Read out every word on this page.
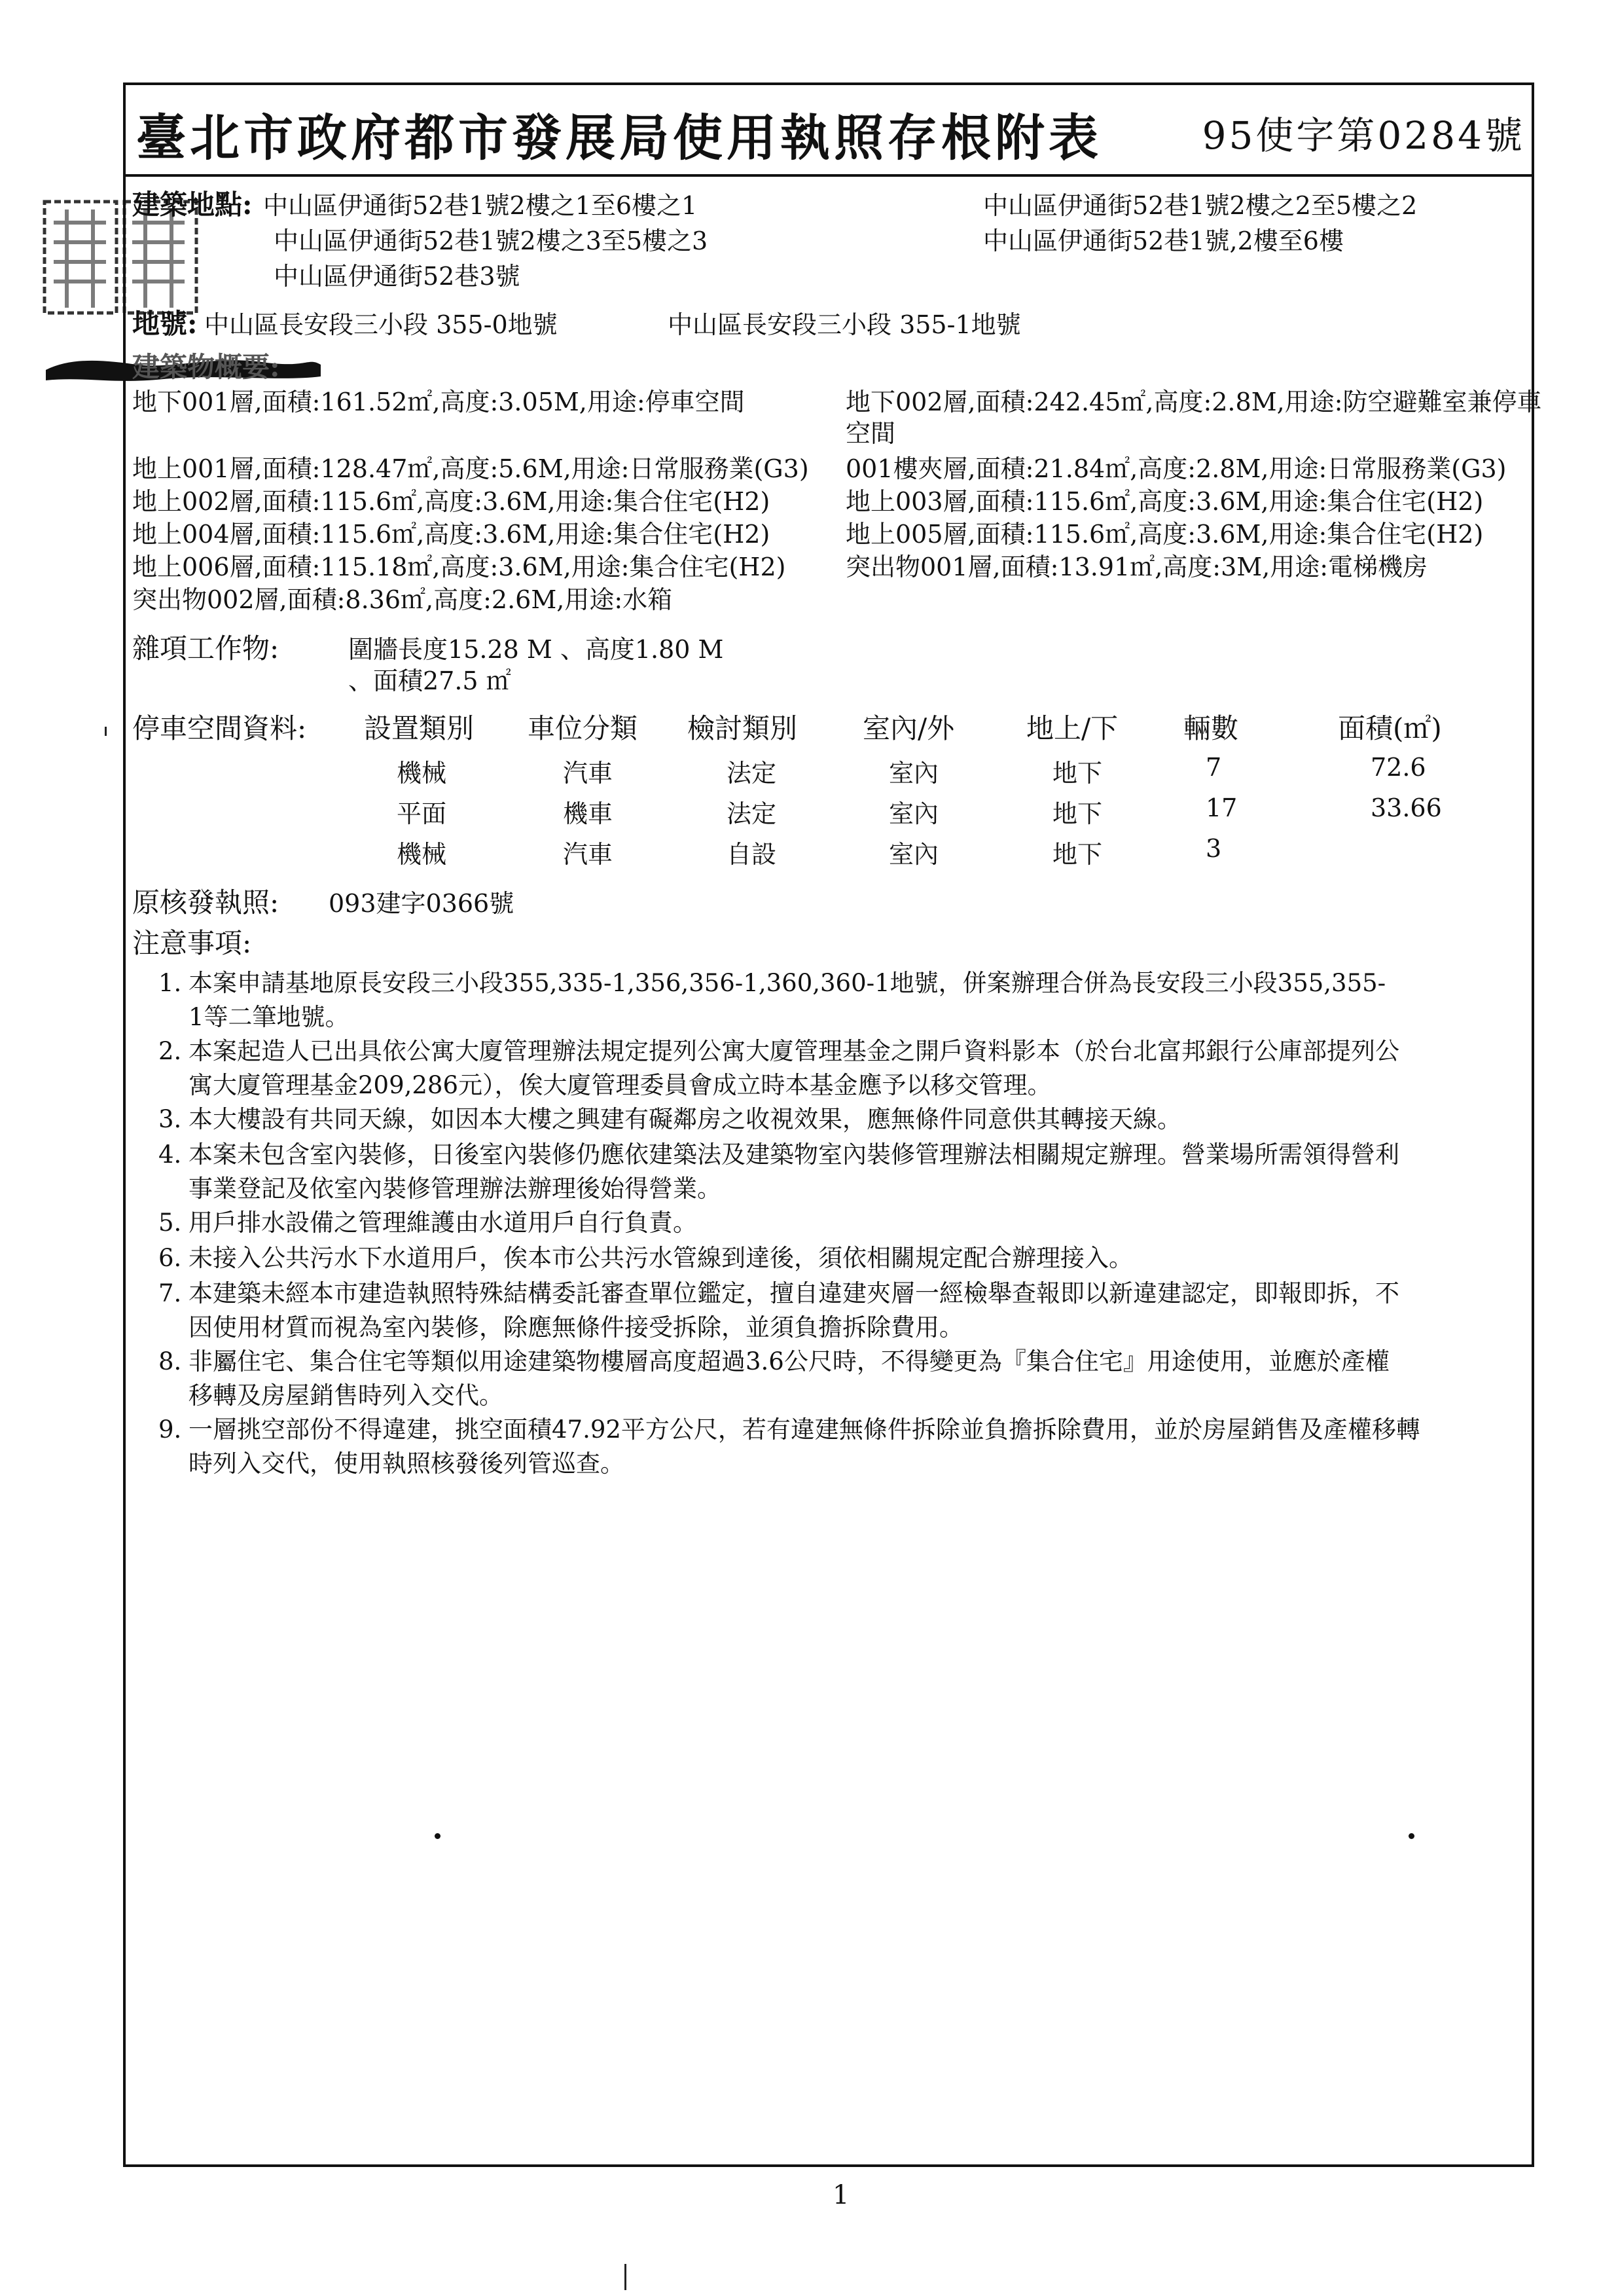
臺北市政府都市發展局使用執照存根附表	95使字第0284號
建築地點: 中山區伊通街52巷1號2樓之1至6樓之1	中山區伊通街52巷1號2樓之2至5樓之2
中山區伊通街52巷1號2樓之3至5樓之3	中山區伊通街52巷1號,2樓至6樓
中山區伊通街52巷3號
地號: 中山區長安段三小段 355-0地號	中山區長安段三小段 355-1地號
建築物概要:
地下001層,面積:161.52㎡,高度:3.05M,用途:停車空間	地下002層,面積:242.45㎡,高度:2.8M,用途:防空避難室兼停車
空間
地上001層,面積:128.47㎡,高度:5.6M,用途:日常服務業(G3) 001樓夾層,面積:21.84㎡,高度:2.8M,用途:日常服務業(G3)
地上002層,面積:115.6㎡,高度:3.6M,用途:集合住宅(H2)	地上003層,面積:115.6㎡,高度:3.6M,用途:集合住宅(H2)
地上004層,面積:115.6㎡,高度:3.6M,用途:集合住宅(H2)	地上005層,面積:115.6㎡,高度:3.6M,用途:集合住宅(H2)
地上006層,面積:115.18㎡,高度:3.6M,用途:集合住宅(H2) 突出物001層,面積:13.91㎡,高度:3M,用途:電梯機房
突出物002層,面積:8.36㎡,高度:2.6M,用途:水箱
雜項工作物:	圍牆長度15.28 M 、高度1.80 M
、面積27.5 ㎡
停車空間資料: 設置類別 車位分類 檢討類別 室內/外	地上/下 輛數	面積(㎡)
機械	汽車	法定	室內	地下	7	72.6
平面	機車	法定	室內	地下	17	33.66
機械	汽車	自設	室內	地下	3
原核發執照: 093建字0366號
注意事項:
1. 本案申請基地原長安段三小段355,335-1,356,356-1,360,360-1地號，併案辦理合併為長安段三小段355,355-
1等二筆地號。
2. 本案起造人已出具依公寓大廈管理辦法規定提列公寓大廈管理基金之開戶資料影本（於台北富邦銀行公庫部提列公
寓大廈管理基金209,286元），俟大廈管理委員會成立時本基金應予以移交管理。
3. 本大樓設有共同天線，如因本大樓之興建有礙鄰房之收視效果，應無條件同意供其轉接天線。
4. 本案未包含室內裝修，日後室內裝修仍應依建築法及建築物室內裝修管理辦法相關規定辦理。營業場所需領得營利
事業登記及依室內裝修管理辦法辦理後始得營業。
5. 用戶排水設備之管理維護由水道用戶自行負責。
6. 未接入公共污水下水道用戶，俟本市公共污水管線到達後，須依相關規定配合辦理接入。
7. 本建築未經本市建造執照特殊結構委託審查單位鑑定，擅自違建夾層一經檢舉查報即以新違建認定，即報即拆，不
因使用材質而視為室內裝修，除應無條件接受拆除，並須負擔拆除費用。
8. 非屬住宅、集合住宅等類似用途建築物樓層高度超過3.6公尺時，不得變更為『集合住宅』用途使用，並應於產權
移轉及房屋銷售時列入交代。
9. 一層挑空部份不得違建，挑空面積47.92平方公尺，若有違建無條件拆除並負擔拆除費用，並於房屋銷售及產權移轉
時列入交代，使用執照核發後列管巡查。
1
